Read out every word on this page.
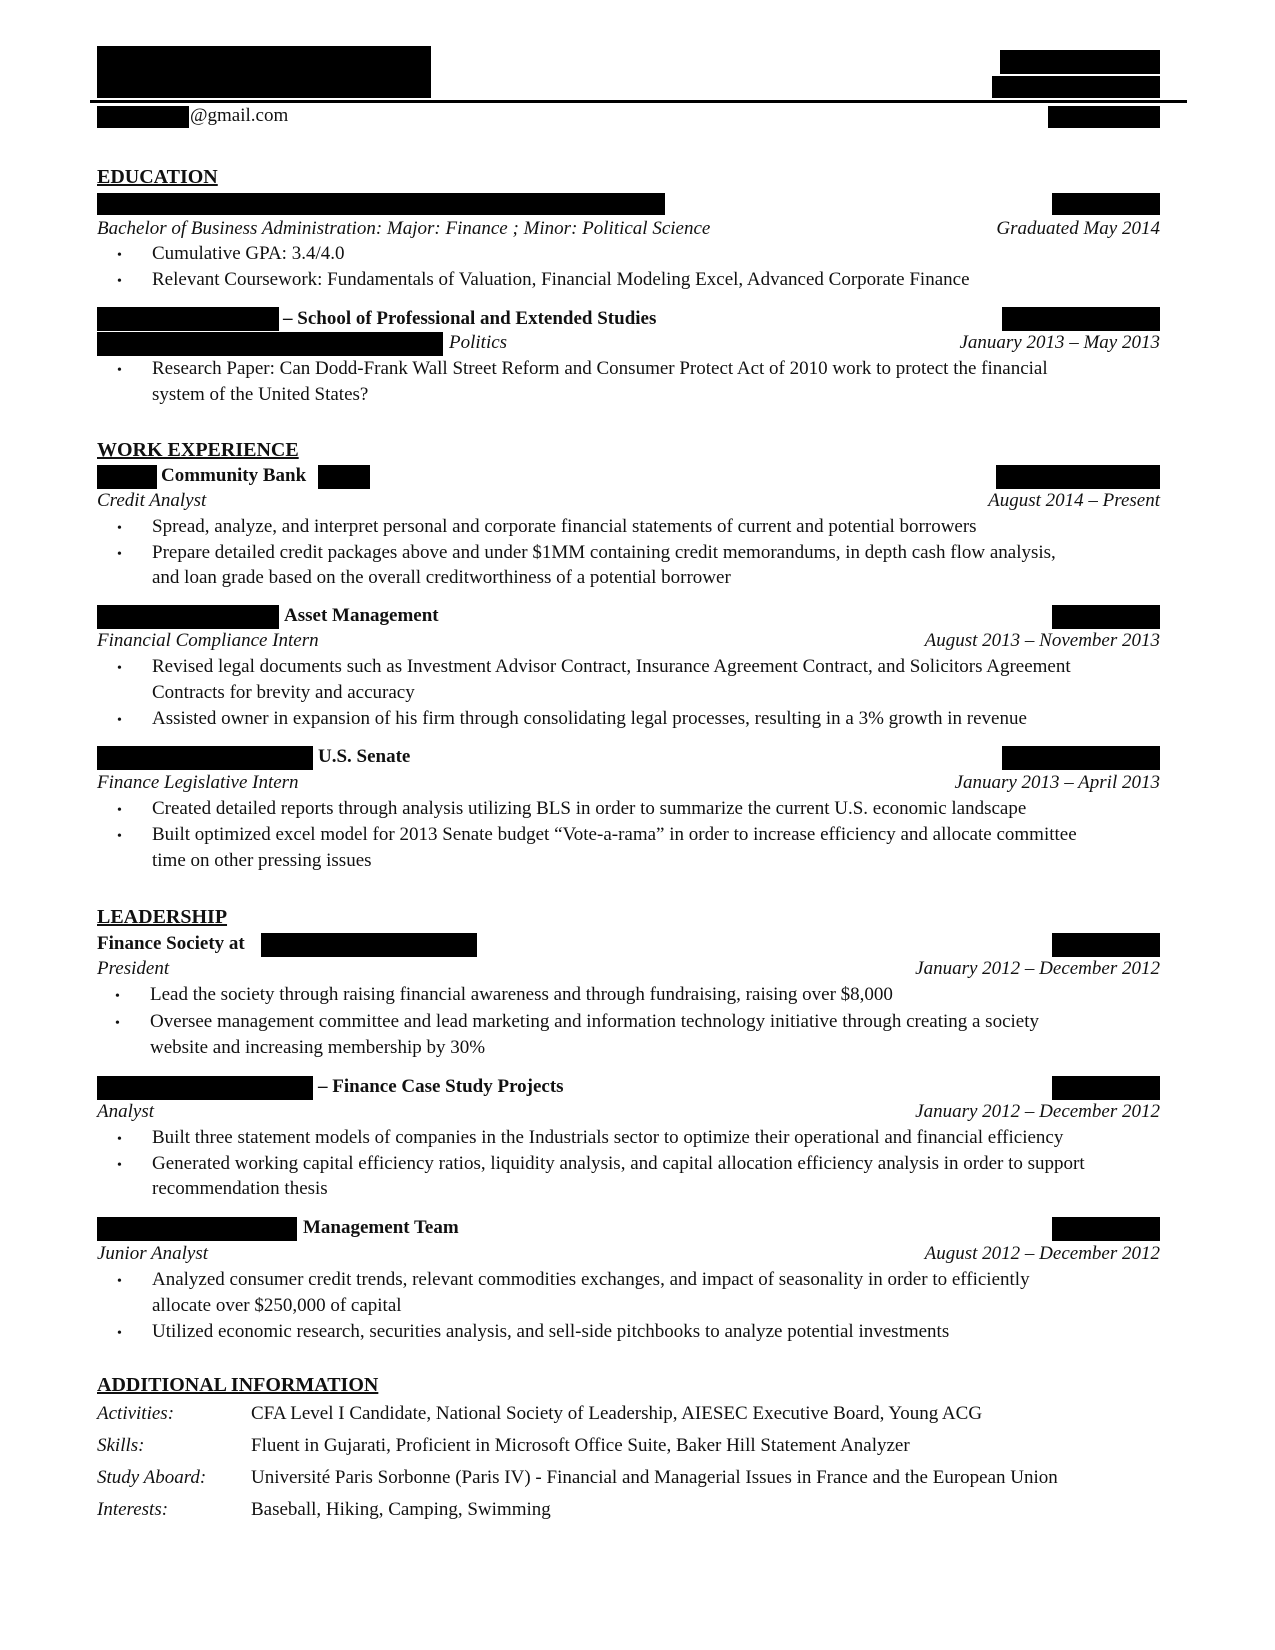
@gmail.com
EDUCATION
Bachelor of Business Administration: Major: Finance ; Minor: Political Science	Graduated May 2014
• Cumulative GPA: 3.4/4.0
• Relevant Coursework: Fundamentals of Valuation, Financial Modeling Excel, Advanced Corporate Finance
– School of Professional and Extended Studies
Politics	January 2013 – May 2013
• Research Paper: Can Dodd-Frank Wall Street Reform and Consumer Protect Act of 2010 work to protect the financial
system of the United States?
WORK EXPERIENCE
Community Bank
Credit Analyst	August 2014 – Present
• Spread, analyze, and interpret personal and corporate financial statements of current and potential borrowers
• Prepare detailed credit packages above and under $1MM containing credit memorandums, in depth cash flow analysis,
and loan grade based on the overall creditworthiness of a potential borrower
Asset Management
Financial Compliance Intern	August 2013 – November 2013
• Revised legal documents such as Investment Advisor Contract, Insurance Agreement Contract, and Solicitors Agreement
Contracts for brevity and accuracy
• Assisted owner in expansion of his firm through consolidating legal processes, resulting in a 3% growth in revenue
U.S. Senate
Finance Legislative Intern	January 2013 – April 2013
• Created detailed reports through analysis utilizing BLS in order to summarize the current U.S. economic landscape
• Built optimized excel model for 2013 Senate budget “Vote-a-rama” in order to increase efficiency and allocate committee
time on other pressing issues
LEADERSHIP
Finance Society at
President	January 2012 – December 2012
• Lead the society through raising financial awareness and through fundraising, raising over $8,000
• Oversee management committee and lead marketing and information technology initiative through creating a society
website and increasing membership by 30%
– Finance Case Study Projects
Analyst	January 2012 – December 2012
• Built three statement models of companies in the Industrials sector to optimize their operational and financial efficiency
• Generated working capital efficiency ratios, liquidity analysis, and capital allocation efficiency analysis in order to support
recommendation thesis
Management Team
Junior Analyst	August 2012 – December 2012
• Analyzed consumer credit trends, relevant commodities exchanges, and impact of seasonality in order to efficiently
allocate over $250,000 of capital
• Utilized economic research, securities analysis, and sell-side pitchbooks to analyze potential investments
ADDITIONAL INFORMATION
Activities:	CFA Level I Candidate, National Society of Leadership, AIESEC Executive Board, Young ACG
Skills:	Fluent in Gujarati, Proficient in Microsoft Office Suite, Baker Hill Statement Analyzer
Study Aboard: Université Paris Sorbonne (Paris IV) - Financial and Managerial Issues in France and the European Union
Interests:	Baseball, Hiking, Camping, Swimming
